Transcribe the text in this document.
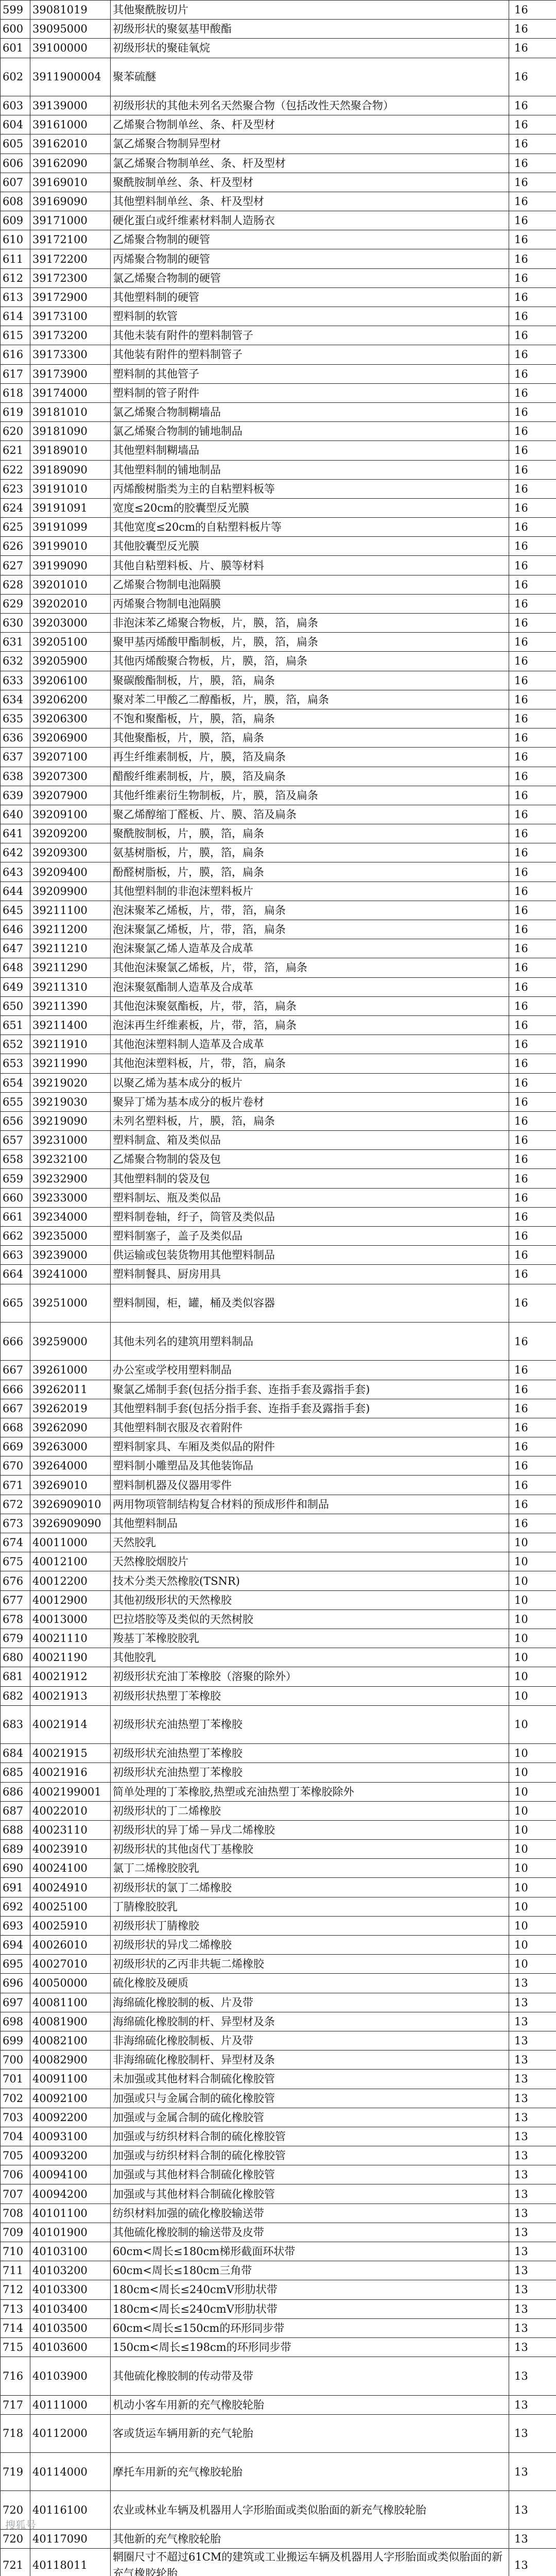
599	39081019	其他聚酰胺切片	16
600	39095000	初级形状的聚氨基甲酸酯	16
601	39100000	初级形状的聚硅氧烷	16
602	3911900004	聚苯硫醚	16
603	39139000	初级形状的其他未列名天然聚合物（包括改性天然聚合物）	16
604	39161000	乙烯聚合物制单丝、条、杆及型材	16
605	39162010	氯乙烯聚合物制异型材	16
606	39162090	氯乙烯聚合物制单丝、条、杆及型材	16
607	39169010	聚酰胺制单丝、条、杆及型材	16
608	39169090	其他塑料制单丝、条、杆及型材	16
609	39171000	硬化蛋白或纤维素材料制人造肠衣	16
610	39172100	乙烯聚合物制的硬管	16
611	39172200	丙烯聚合物制的硬管	16
612	39172300	氯乙烯聚合物制的硬管	16
613	39172900	其他塑料制的硬管	16
614	39173100	塑料制的软管	16
615	39173200	其他未装有附件的塑料制管子	16
616	39173300	其他装有附件的塑料制管子	16
617	39173900	塑料制的其他管子	16
618	39174000	塑料制的管子附件	16
619	39181010	氯乙烯聚合物制糊墙品	16
620	39181090	氯乙烯聚合物制的铺地制品	16
621	39189010	其他塑料制糊墙品	16
622	39189090	其他塑料制的铺地制品	16
623	39191010	丙烯酸树脂类为主的自粘塑料板等	16
624	39191091	宽度≤20cm的胶囊型反光膜	16
625	39191099	其他宽度≤20cm的自粘塑料板片等	16
626	39199010	其他胶囊型反光膜	16
627	39199090	其他自粘塑料板、片、膜等材料	16
628	39201010	乙烯聚合物制电池隔膜	16
629	39202010	丙烯聚合物制电池隔膜	16
630	39203000	非泡沫苯乙烯聚合物板，片，膜，箔，扁条	16
631	39205100	聚甲基丙烯酸甲酯制板，片，膜，箔，扁条	16
632	39205900	其他丙烯酸聚合物板，片，膜，箔，扁条	16
633	39206100	聚碳酸酯制板，片，膜，箔，扁条	16
634	39206200	聚对苯二甲酸乙二醇酯板，片，膜，箔，扁条	16
635	39206300	不饱和聚酯板，片，膜，箔，扁条	16
636	39206900	其他聚酯板，片，膜，箔，扁条	16
637	39207100	再生纤维素制板，片，膜，箔及扁条	16
638	39207300	醋酸纤维素制板，片，膜，箔及扁条	16
639	39207900	其他纤维素衍生物制板，片，膜，箔及扁条	16
640	39209100	聚乙烯醇缩丁醛板、片、膜、箔及扁条	16
641	39209200	聚酰胺制板，片，膜，箔，扁条	16
642	39209300	氨基树脂板，片，膜，箔，扁条	16
643	39209400	酚醛树脂板，片，膜，箔，扁条	16
644	39209900	其他塑料制的非泡沫塑料板片	16
645	39211100	泡沫聚苯乙烯板，片，带，箔，扁条	16
646	39211200	泡沫聚氯乙烯板，片，带，箔，扁条	16
647	39211210	泡沫聚氯乙烯人造革及合成革	16
648	39211290	其他泡沫聚氯乙烯板，片，带，箔，扁条	16
649	39211310	泡沫聚氨酯制人造革及合成革	16
650	39211390	其他泡沫聚氨酯板，片，带，箔，扁条	16
651	39211400	泡沫再生纤维素板，片，带，箔，扁条	16
652	39211910	其他泡沫塑料制人造革及合成革	16
653	39211990	其他泡沫塑料板，片，带，箔，扁条	16
654	39219020	以聚乙烯为基本成分的板片	16
655	39219030	聚异丁烯为基本成分的板片卷材	16
656	39219090	未列名塑料板，片，膜，箔，扁条	16
657	39231000	塑料制盒、箱及类似品	16
658	39232100	乙烯聚合物制的袋及包	16
659	39232900	其他塑料制的袋及包	16
660	39233000	塑料制坛、瓶及类似品	16
661	39234000	塑料制卷轴，纡子，筒管及类似品	16
662	39235000	塑料制塞子，盖子及类似品	16
663	39239000	供运输或包装货物用其他塑料制品	16
664	39241000	塑料制餐具、厨房用具	16
665	39251000	塑料制囤，柜，罐，桶及类似容器	16
666	39259000	其他未列名的建筑用塑料制品	16
667	39261000	办公室或学校用塑料制品	16
666	39262011	聚氯乙烯制手套(包括分指手套、连指手套及露指手套)	16
667	39262019	其他塑料制手套(包括分指手套、连指手套及露指手套)	16
668	39262090	其他塑料制衣服及衣着附件	16
669	39263000	塑料制家具、车厢及类似品的附件	16
670	39264000	塑料制小雕塑品及其他装饰品	16
671	39269010	塑料制机器及仪器用零件	16
672	3926909010	两用物项管制结构复合材料的预成形件和制品	16
673	3926909090	其他塑料制品	16
674	40011000	天然胶乳	10
675	40012100	天然橡胶烟胶片	10
676	40012200	技术分类天然橡胶(TSNR)	10
677	40012900	其他初级形状的天然橡胶	10
678	40013000	巴拉塔胶等及类似的天然树胶	10
679	40021110	羧基丁苯橡胶胶乳	10
680	40021190	其他胶乳	10
681	40021912	初级形状充油丁苯橡胶（溶聚的除外）	10
682	40021913	初级形状热塑丁苯橡胶	10
683	40021914	初级形状充油热塑丁苯橡胶	10
684	40021915	初级形状充油热塑丁苯橡胶	10
685	40021916	初级形状充油热塑丁苯橡胶	10
686	4002199001	简单处理的丁苯橡胶,热塑或充油热塑丁苯橡胶除外	10
687	40022010	初级形状的丁二烯橡胶	10
688	40023110	初级形状的异丁烯－异戊二烯橡胶	10
689	40023910	初级形状的其他卤代丁基橡胶	10
690	40024100	氯丁二烯橡胶胶乳	10
691	40024910	初级形状的氯丁二烯橡胶	10
692	40025100	丁腈橡胶胶乳	10
693	40025910	初级形状丁腈橡胶	10
694	40026010	初级形状的异戊二烯橡胶	10
695	40027010	初级形状的乙丙非共轭二烯橡胶	10
696	40050000	硫化橡胶及硬质	13
697	40081100	海绵硫化橡胶制的板、片及带	13
698	40081900	海绵硫化橡胶制的杆、异型材及条	13
699	40082100	非海绵硫化橡胶制板、片及带	13
700	40082900	非海绵硫化橡胶制杆、异型材及条	13
701	40091100	未加强或其他材料合制硫化橡胶管	13
702	40092100	加强或只与金属合制的硫化橡胶管	13
703	40092200	加强或与金属合制的硫化橡胶管	13
704	40093100	加强或与纺织材料合制的硫化橡胶管	13
705	40093200	加强或与纺织材料合制的硫化橡胶管	13
706	40094100	加强或与其他材料合制硫化橡胶管	13
707	40094200	加强或与其他材料合制硫化橡胶管	13
708	40101100	纺织材料加强的硫化橡胶输送带	13
709	40101900	其他硫化橡胶制的输送带及皮带	13
710	40103100	60cm<周长≤180cm梯形截面环状带	13
711	40103200	60cm<周长≤180cm三角带	13
712	40103300	180cm<周长≤240cmV形肋状带	13
713	40103400	180cm<周长≤240cmV形肋状带	13
714	40103500	60cm<周长≤150cm的环形同步带	13
715	40103600	150cm<周长≤198cm的环形同步带	13
716	40103900	其他硫化橡胶制的传动带及带	13
717	40111000	机动小客车用新的充气橡胶轮胎	13
718	40112000	客或货运车辆用新的充气轮胎	13
719	40114000	摩托车用新的充气橡胶轮胎	13
720	40116100	农业或林业车辆及机器用人字形胎面或类似胎面的新充气橡胶轮胎	13
720	40117090	其他新的充气橡胶轮胎	13
721	40118011	辋圈尺寸不超过61CM的建筑或工业搬运车辆及机器用人字形胎面或类似胎面的新充气橡胶轮胎	13

搜狐号
